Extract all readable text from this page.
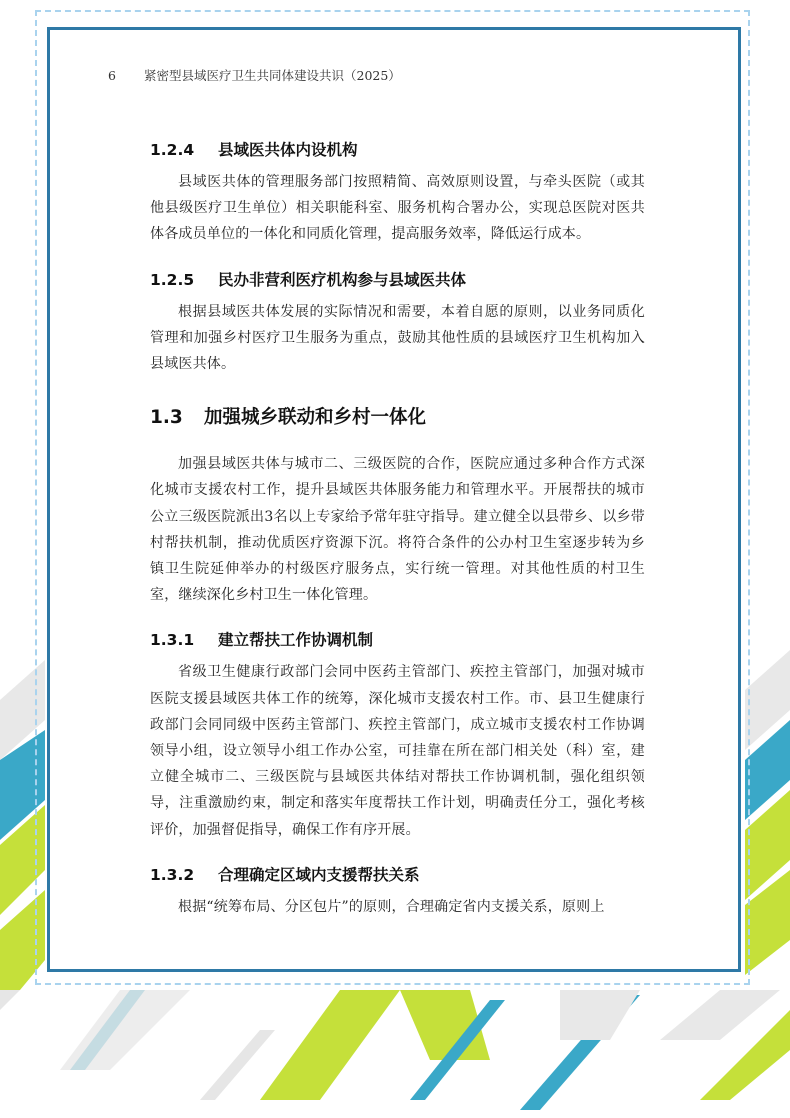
6 紧密型县域医疗卫生共同体建设共识（2025）
1.2.4 县域医共体内设机构

县域医共体的管理服务部门按照精简、高效原则设置，与牵头医院（或其他县级医疗卫生单位）相关职能科室、服务机构合署办公，实现总医院对医共体各成员单位的一体化和同质化管理，提高服务效率，降低运行成本。

1.2.5 民办非营利医疗机构参与县域医共体

根据县域医共体发展的实际情况和需要，本着自愿的原则，以业务同质化管理和加强乡村医疗卫生服务为重点，鼓励其他性质的县域医疗卫生机构加入县域医共体。

1.3 加强城乡联动和乡村一体化

加强县域医共体与城市二、三级医院的合作，医院应通过多种合作方式深化城市支援农村工作，提升县域医共体服务能力和管理水平。开展帮扶的城市公立三级医院派出3名以上专家给予常年驻守指导。建立健全以县带乡、以乡带村帮扶机制，推动优质医疗资源下沉。将符合条件的公办村卫生室逐步转为乡镇卫生院延伸举办的村级医疗服务点，实行统一管理。对其他性质的村卫生室，继续深化乡村卫生一体化管理。

1.3.1 建立帮扶工作协调机制

省级卫生健康行政部门会同中医药主管部门、疾控主管部门，加强对城市医院支援县域医共体工作的统筹，深化城市支援农村工作。市、县卫生健康行政部门会同同级中医药主管部门、疾控主管部门，成立城市支援农村工作协调领导小组，设立领导小组工作办公室，可挂靠在所在部门相关处（科）室，建立健全城市二、三级医院与县域医共体结对帮扶工作协调机制，强化组织领导，注重激励约束，制定和落实年度帮扶工作计划，明确责任分工，强化考核评价，加强督促指导，确保工作有序开展。

1.3.2 合理确定区域内支援帮扶关系

根据“统筹布局、分区包片”的原则，合理确定省内支援关系，原则上
